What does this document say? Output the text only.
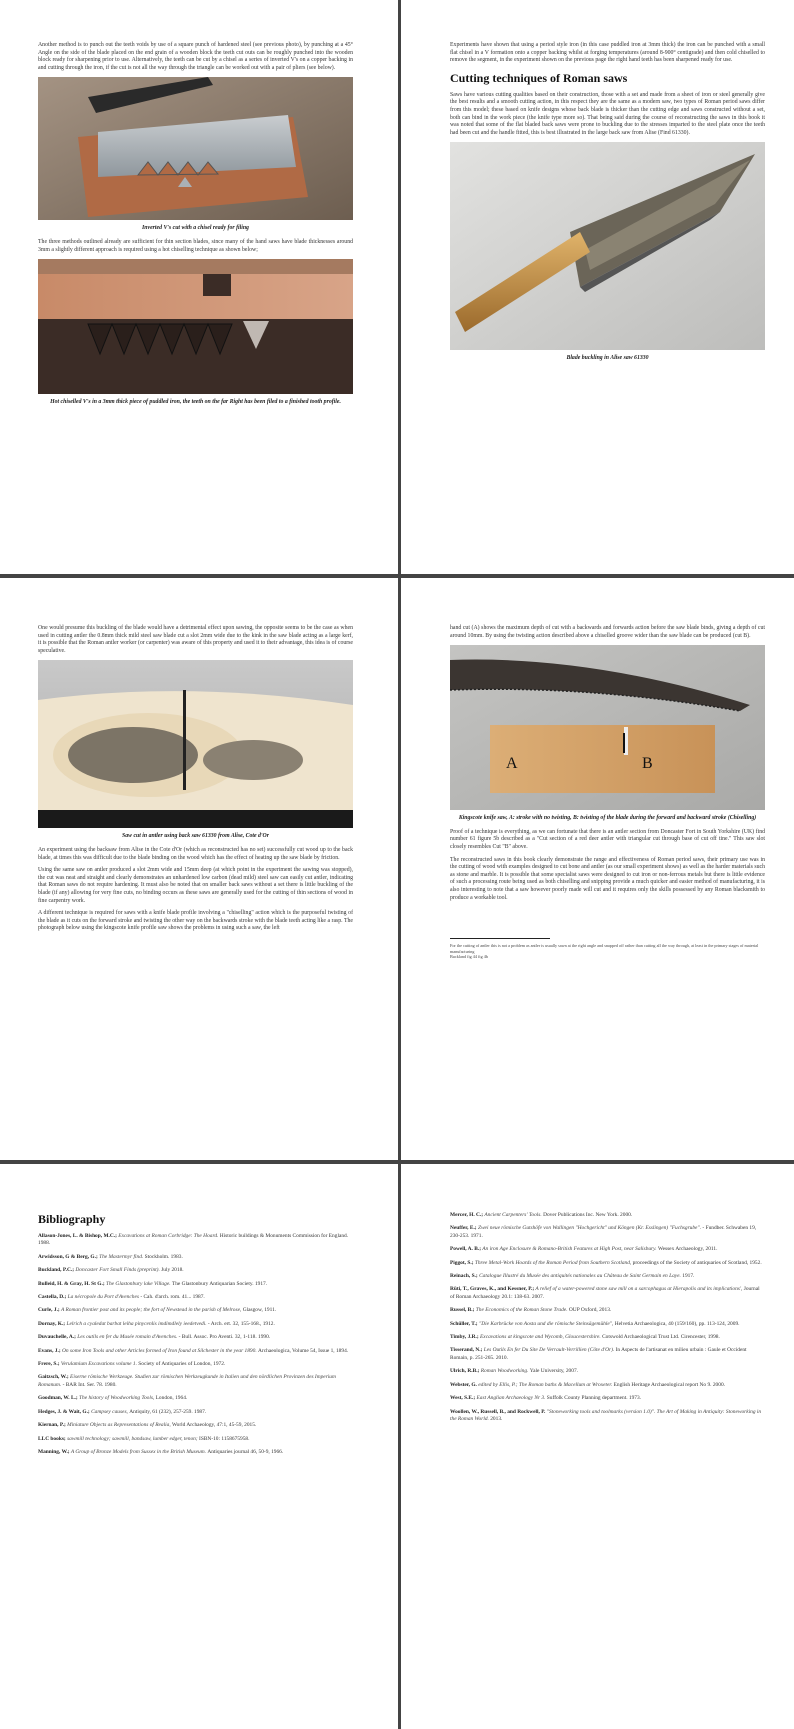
Another method is to punch out the teeth voids by use of a square punch of hardened steel (see previous photo), by punching at a 45° Angle on the side of the blade placed on the end grain of a wooden block the teeth cut outs can be roughly punched into the wooden block ready for sharpening prior to use. Alternatively, the teeth can be cut by a chisel as a series of inverted V's on a copper backing in and cutting through the iron, if the cut is not all the way through the triangle can be worked out with a pair of pliers (see below).

Inverted V's cut with a chisel ready for filing

The three methods outlined already are sufficient for thin section blades, since many of the hand saws have blade thicknesses around 3mm a slightly different approach is required using a hot chiselling technique as shown below;

Hot chiselled V's in a 3mm thick piece of puddled iron, the teeth on the far Right has been filed to a finished tooth profile.

Experiments have shown that using a period style iron (in this case puddled iron at 3mm thick) the iron can be punched with a small flat chisel in a V formation onto a copper backing whilst at forging temperatures (around 8-900° centigrade) and then cold chiselled to remove the segment, in the experiment shown on the previous page the right hand teeth has been sharpened ready for use.

Cutting techniques of Roman saws

Saws have various cutting qualities based on their construction, those with a set and made from a sheet of iron or steel generally give the best results and a smooth cutting action, in this respect they are the same as a modern saw, two types of Roman period saws differ from this model; these based on knife designs whose back blade is thicker than the cutting edge and saws constructed without a set, both can bind in the work piece (the knife type more so). That being said during the course of reconstructing the saws in this book it was noted that some of the flat bladed back saws were prone to buckling due to the stresses imparted to the steel plate once the teeth had been cut and the handle fitted, this is best illustrated in the large back saw from Alise (Find 61330).

Blade buckling in Alise saw 61330

One would presume this buckling of the blade would have a detrimental effect upon sawing, the opposite seems to be the case as when used in cutting antler the 0.8mm thick mild steel saw blade cut a slot 2mm wide due to the kink in the saw blade acting as a large kerf, it is possible that the Roman antler worker (or carpenter) was aware of this property and used it to their advantage, this idea is of course speculative.

Saw cut in antler using back saw 61330 from Alise, Cote d'Or

An experiment using the backsaw from Alise in the Cote d'Or (which as reconstructed has no set) successfully cut wood up to the back blade, at times this was difficult due to the blade binding on the wood which has the effect of heating up the saw blade by friction.

Using the same saw on antler produced a slot 2mm wide and 15mm deep (at which point in the experiment the sawing was stopped), the cut was neat and straight and clearly demonstrates an unhardened low carbon (dead mild) steel saw can easily cut antler, indicating that Roman saws do not require hardening. It must also be noted that on smaller back saws without a set there is little buckling of the blade (if any) allowing for very fine cuts, no binding occurs as these saws are generally used for the cutting of thin sections of wood in fine carpentry work.

A different technique is required for saws with a knife blade profile involving a "chiselling" action which is the purposeful twisting of the blade as it cuts on the forward stroke and twisting the other way on the backwards stroke with the blade teeth acting like a rasp. The photograph below using the kingscote knife profile saw shows the problems in using such a saw, the left

hand cut (A) shows the maximum depth of cut with a backwards and forwards action before the saw blade binds, giving a depth of cut around 10mm. By using the twisting action described above a chiselled groove wider than the saw blade can be produced (cut B).

A	B

Kingscote knife saw, A: stroke with no twisting, B: twisting of the blade during the forward and backward stroke (Chiselling)

Proof of a technique is everything, as we can fortunate that there is an antler section from Doncaster Fort in South Yorkshire (UK) find number 61 figure 5b described as a "Cut section of a red deer antler with triangular cut through base of cut off tine." This saw slot closely resembles Cut "B" above.

The reconstructed saws in this book clearly demonstrate the range and effectiveness of Roman period saws, their primary use was in the cutting of wood with examples designed to cut bone and antler (as our small experiment shows) as well as the harder materials such as stone and marble. It is possible that some specialist saws were designed to cut iron or non-ferrous metals but there is little evidence of such a processing route being used as both chiselling and snipping provide a much quicker and easier method of manufacturing, it is also interesting to note that a saw however poorly made will cut and it requires only the skills possessed by any Roman blacksmith to produce a workable tool.

For the cutting of antler this is not a problem as antler is usually sawn at the right angle and snapped off rather than cutting all the way through, at least in the primary stages of material manufacturing

Buckland fig 44 fig 4b

Bibliography

Allason-Jones, L. & Bishop, M.C.; Excavations at Roman Corbridge: The Hoard. Historic buildings & Monuments Commission for England. 1988.

Arwidsson, G & Berg, G.; The Mastermyr find. Stockholm. 1983.

Buckland, P.C.; Doncaster Fort Small Finds (preprint). July 2018.

Bulleid, H. & Gray, H. St G.; The Glastonbury lake Village. The Glastonbury Antiquarian Society. 1917.

Castella, D.; La nécropole du Port d'Avenches - Cah. d'arch. rom. 41... 1987.

Curle, J.; A Roman frontier post and its people; the fort of Newstead in the parish of Melrose, Glasgow, 1911.

Dornay, K.; Lelrich a cyaledat barbat leiha pinycenlis imdimdlely ieedetvedi. - Arch. ert. 32, 155-168., 1912.

Duvauchelle, A.; Les outils en fer du Musée romain d'Avenches. - Bull. Assoc. Pro Aventi. 32, 1-118. 1990.

Evans, J.; On some Iron Tools and other Articles formed of Iron found at Silchester in the year 1890. Archaeologica, Volume 54, Issue 1, 1894.

Frere, S.; Verulamium Excavations volume 1. Society of Antiquaries of London, 1972.

Gaitzsch, W.; Eiserne römische Werkzeuge. Studien zur römischen Werkzeugkunde in Italien und den nördlichen Provinzen des Imperium Romanum. - BAR Int. Ser. 78. 1980.

Goodman, W. L.; The history of Woodworking Tools, London, 1964.

Hedges, J. & Wait, G.; Campsey causes, Antiquity, 61 (232), 257-259. 1987.

Kiernan, P.; Miniature Objects as Representations of Realia, World Archaeology, 47:1, 45-59, 2015.

LLC books; sawmill technology; sawmill, bandsaw, lumber edger, tenon; ISBN-10: 1158675958.

Manning, W.; A Group of Bronze Models from Sussex in the British Museum. Antiquaries journal 46, 50-9, 1966.

Mercer, H. C.; Ancient Carpenters' Tools. Dover Publications Inc. New York. 2000.

Neuffer, E.; Zwei neue römische Gutshöfe von Wallingen "Hochgericht" und Köngen (Kr. Esslingen) "Fuchsgrube". - Fundber. Schwaben 19, 230-253. 1971.

Powell, A. B.; An iron Age Enclosure & Romano-British Features at High Post, near Salisbury. Wessex Archaeology, 2011.

Piggot, S.; Three Metal-Work Hoards of the Roman Period from Southern Scotland, proceedings of the Society of antiquaries of Scotland, 1952.

Reinach, S.; Catalogue Illustré du Musée des antiquités nationales au Château de Saint Germain en Laye. 1917.

Rüti, T., Graves, K., and Kessner, P.; A relief of a water-powered stone saw mill on a sarcophagus at Hierapolis and its implications', Journal of Roman Archaeology 20.1: 138-63. 2007.

Russel, B.; The Economics of the Roman Stone Trade. OUP Oxford, 2013.

Schüller, T.; "Die Karbrücke von Aosta und die römische Steinsägemühle", Helvetia Archaeologica, 40 (159/160), pp. 113-124, 2009.

Timby, J.R.; Excavations at kingscote and Wycomb, Gloucestershire. Cotswold Archaeological Trust Ltd. Cirencester, 1998.

Tisserand, N.; Les Outils En fer Du Site De Verrault-Verrillien (Côte d'Or). In Aspects de l'artisanat en milieu urbain : Gaule et Occident Romain, p. 251-265. 2010.

Ulrich, R.B.; Roman Woodworking. Yale University, 2007.

Webster, G. edited by Ellis, P.; The Roman baths & Macellum at Wroxeter. English Heritage Archaeological report No 9. 2000.

West, S.E.; East Anglian Archaeology Nr 3. Suffolk County Planning department. 1973.

Woollen, W., Russell, B., and Rockwell, P. "Stoneworking tools and toolmarks (version 1.0)". The Art of Making in Antiquity: Stoneworking in the Roman World. 2013.
